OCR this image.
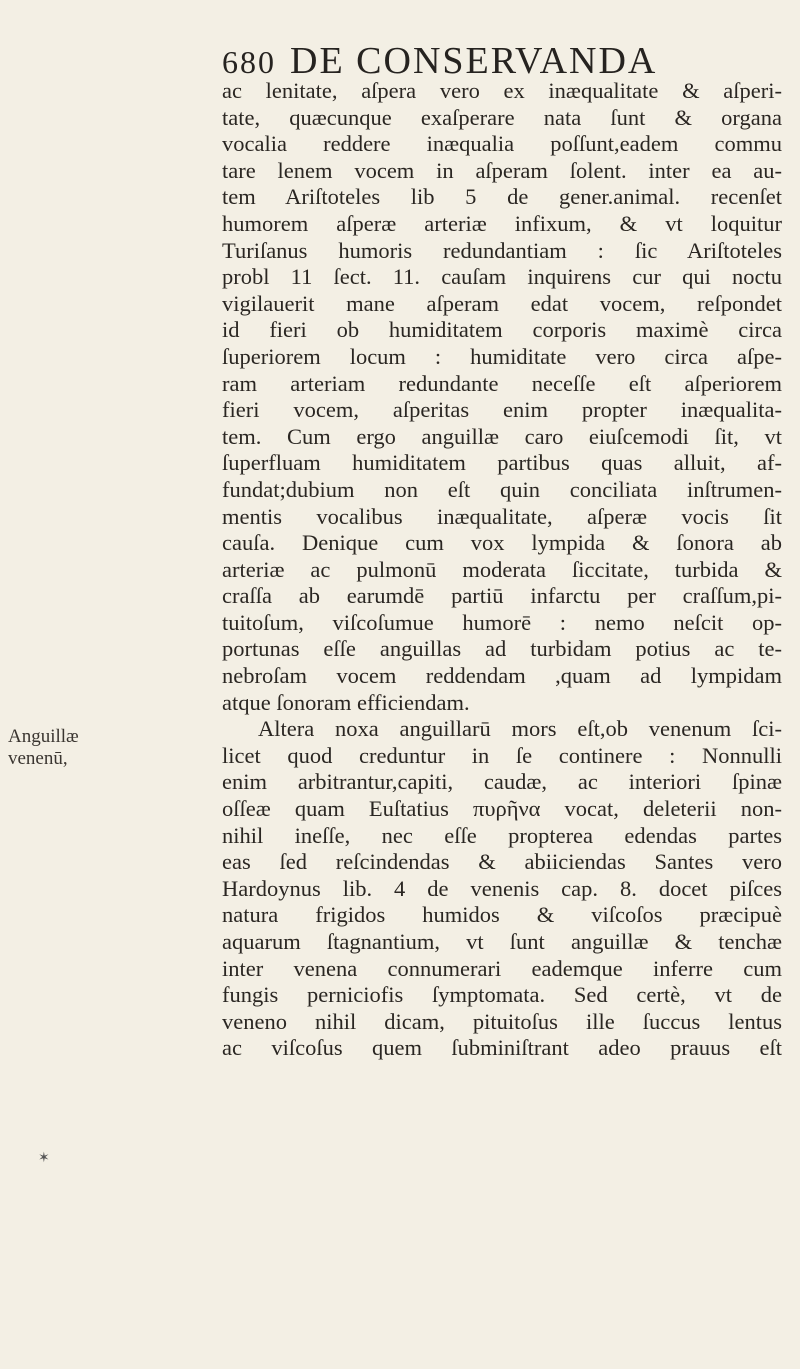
680 DE CONSERVANDA
Anguillæ
venenū,
ac lenitate, aſpera vero ex inæqualitate & aſperi-
tate, quæcunque exaſperare nata ſunt & organa
vocalia reddere inæqualia poſſunt,eadem commu
tare lenem vocem in aſperam ſolent. inter ea au-
tem Ariſtoteles lib 5 de gener.animal. recenſet
humorem aſperæ arteriæ infixum, & vt loquitur
Turiſanus humoris redundantiam : ſic Ariſtoteles
probl 11 ſect. 11. cauſam inquirens cur qui noctu
vigilauerit mane aſperam edat vocem, reſpondet
id fieri ob humiditatem corporis maximè circa
ſuperiorem locum : humiditate vero circa aſpe-
ram arteriam redundante neceſſe eſt aſperiorem
fieri vocem, aſperitas enim propter inæqualita-
tem. Cum ergo anguillæ caro eiuſcemodi ſit, vt
ſuperfluam humiditatem partibus quas alluit, af-
fundat;dubium non eſt quin conciliata inſtrumen-
mentis vocalibus inæqualitate, aſperæ vocis ſit
cauſa. Denique cum vox lympida & ſonora ab
arteriæ ac pulmonū moderata ſiccitate, turbida &
craſſa ab earumdē partiū infarctu per craſſum,pi-
tuitoſum, viſcoſumue humorē : nemo neſcit op-
portunas eſſe anguillas ad turbidam potius ac te-
nebroſam vocem reddendam ,quam ad lympidam
atque ſonoram efficiendam.
Altera noxa anguillarū mors eſt,ob venenum ſci-
licet quod creduntur in ſe continere : Nonnulli
enim arbitrantur,capiti, caudæ, ac interiori ſpinæ
oſſeæ quam Euſtatius πυρῆνα vocat, deleterii non-
nihil ineſſe, nec eſſe propterea edendas partes
eas ſed reſcindendas & abiiciendas Santes vero
Hardoynus lib. 4 de venenis cap. 8. docet piſces
natura frigidos humidos & viſcoſos præcipuè
aquarum ſtagnantium, vt ſunt anguillæ & tenchæ
inter venena connumerari eademque inferre cum
fungis perniciofis ſymptomata. Sed certè, vt de
veneno nihil dicam, pituitoſus ille ſuccus lentus
ac viſcoſus quem ſubminiſtrant adeo prauus eſt
✶
